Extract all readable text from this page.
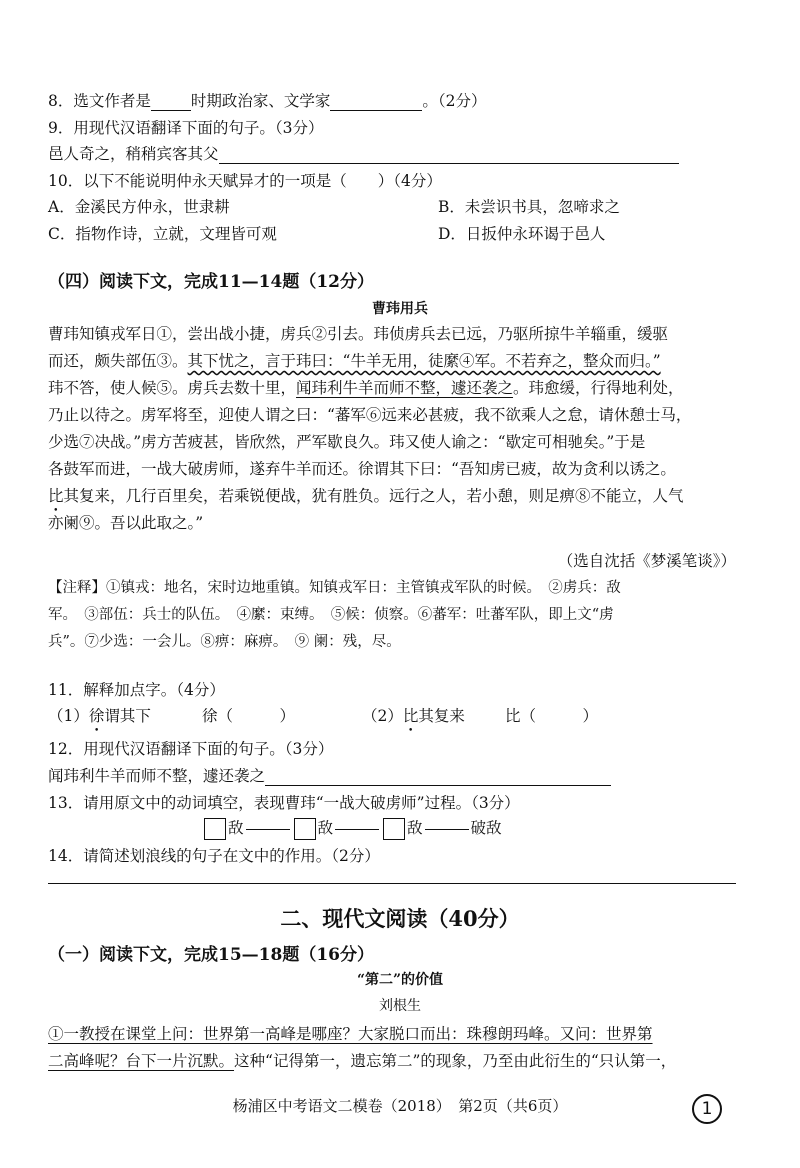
8．选文作者是	时期政治家、文学家	。（2分）
9．用现代汉语翻译下面的句子。（3分）
邑人奇之，稍稍宾客其父
10．以下不能说明仲永天赋异才的一项是（　　）（4分）
A．金溪民方仲永，世隶耕	B．未尝识书具，忽啼求之
C．指物作诗，立就，文理皆可观	D．日扳仲永环谒于邑人
（四）阅读下文，完成11—14题（12分）
曹玮用兵
曹玮知镇戎军日①，尝出战小捷，虏兵②引去。玮侦虏兵去已远，乃驱所掠牛羊辎重，缓驱
而还，颇失部伍③。其下忧之，言于玮曰：“牛羊无用，徒縻④军。不若弃之，整众而归。”
玮不答，使人候⑤。虏兵去数十里，闻玮利牛羊而师不整，遽还袭之。玮愈缓，行得地利处，
乃止以待之。虏军将至，迎使人谓之曰：“蕃军⑥远来必甚疲，我不欲乘人之怠，请休憩士马，
少选⑦决战。”虏方苦疲甚，皆欣然，严军歇良久。玮又使人谕之：“歇定可相驰矣。”于是
各鼓军而进，一战大破虏师，遂弃牛羊而还。徐谓其下曰：“吾知虏已疲，故为贪利以诱之。
比其复来，几行百里矣，若乘锐便战，犹有胜负。远行之人，若小憩，则足痹⑧不能立，人气
亦阑⑨。吾以此取之。”
（选自沈括《梦溪笔谈》）
【注释】①镇戎：地名，宋时边地重镇。知镇戎军日：主管镇戎军队的时候。　②虏兵：敌
军。　③部伍：兵士的队伍。　④縻：束缚。　⑤候：侦察。⑥蕃军：吐蕃军队，即上文“虏
兵”。⑦少选：一会儿。⑧痹：麻痹。　⑨ 阑：残，尽。
11．解释加点字。（4分）
（1）徐谓其下	徐（　　　）	（2）比其复来	比（　　　）
12．用现代汉语翻译下面的句子。（3分）
闻玮利牛羊而师不整，遽还袭之
13．请用原文中的动词填空，表现曹玮“一战大破虏师”过程。（3分）
敌	敌	敌	破敌
14．请简述划浪线的句子在文中的作用。（2分）
二、现代文阅读（40分）
（一）阅读下文，完成15—18题（16分）
“第二”的价值
刘根生
①一教授在课堂上问：世界第一高峰是哪座？大家脱口而出：珠穆朗玛峰。又问：世界第
二高峰呢？台下一片沉默。这种“记得第一，遗忘第二”的现象，乃至由此衍生的“只认第一，
杨浦区中考语文二模卷（2018）　第2页（共6页）	1
